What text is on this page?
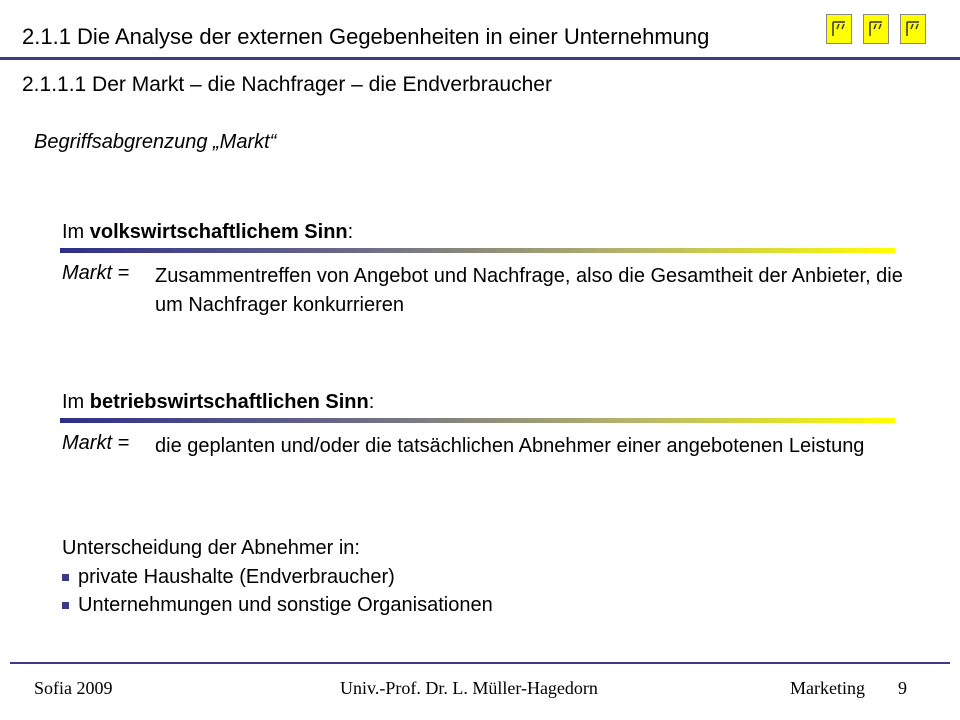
2.1.1 Die Analyse der externen Gegebenheiten in einer Unternehmung
2.1.1.1 Der Markt – die Nachfrager – die Endverbraucher
Begriffsabgrenzung „Markt“
Im volkswirtschaftlichem Sinn:
Markt = Zusammentreffen von Angebot und Nachfrage, also die Gesamtheit der Anbieter, die um Nachfrager konkurrieren
Im betriebswirtschaftlichen Sinn:
Markt = die geplanten und/oder die tatsächlichen Abnehmer einer angebotenen Leistung
Unterscheidung der Abnehmer in:
private Haushalte (Endverbraucher)
Unternehmungen und sonstige Organisationen
Sofia 2009	Univ.-Prof. Dr. L. Müller-Hagedorn	Marketing 9
